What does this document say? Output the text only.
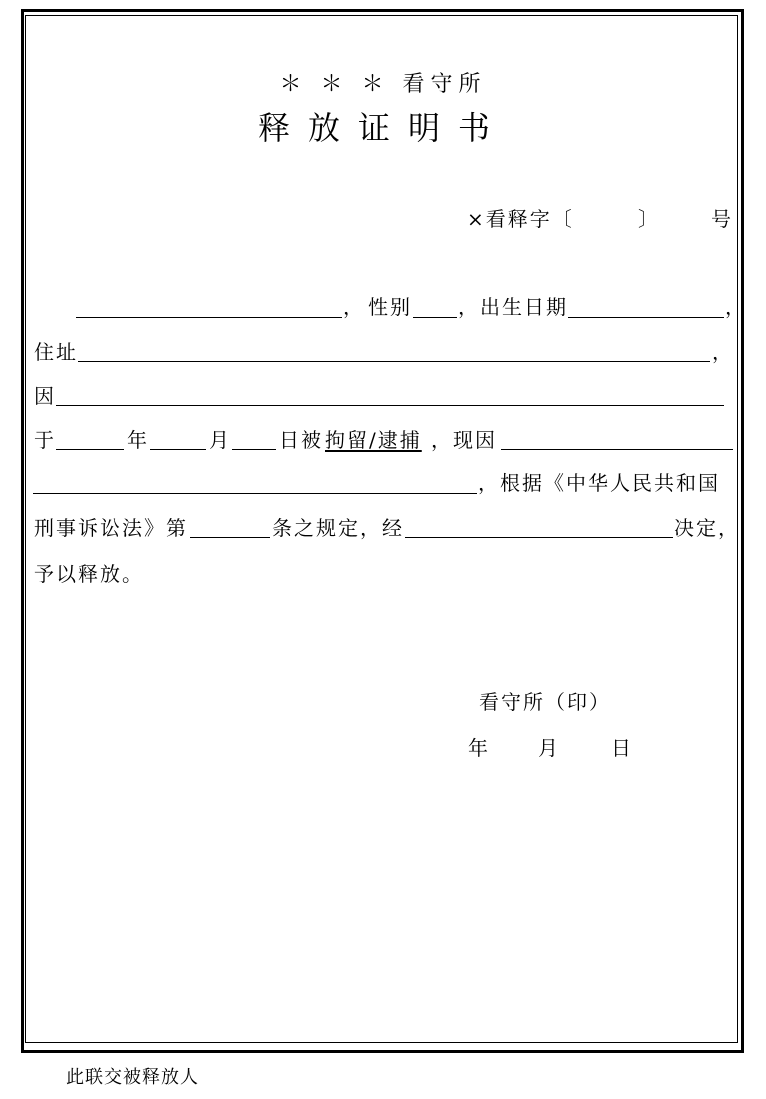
＊ ＊ ＊ 看守所
释放证明书
×看释字〔	〕	号
， 性别 ，出生日期	，
住址	，
因
于	年	月 日被 拘留/逮捕 ，现因
，根据《中华人民共和国
刑事诉讼法》第	条之规定，经	决定，
予以释放。
看守所（印）
年 月	日
此联交被释放人
